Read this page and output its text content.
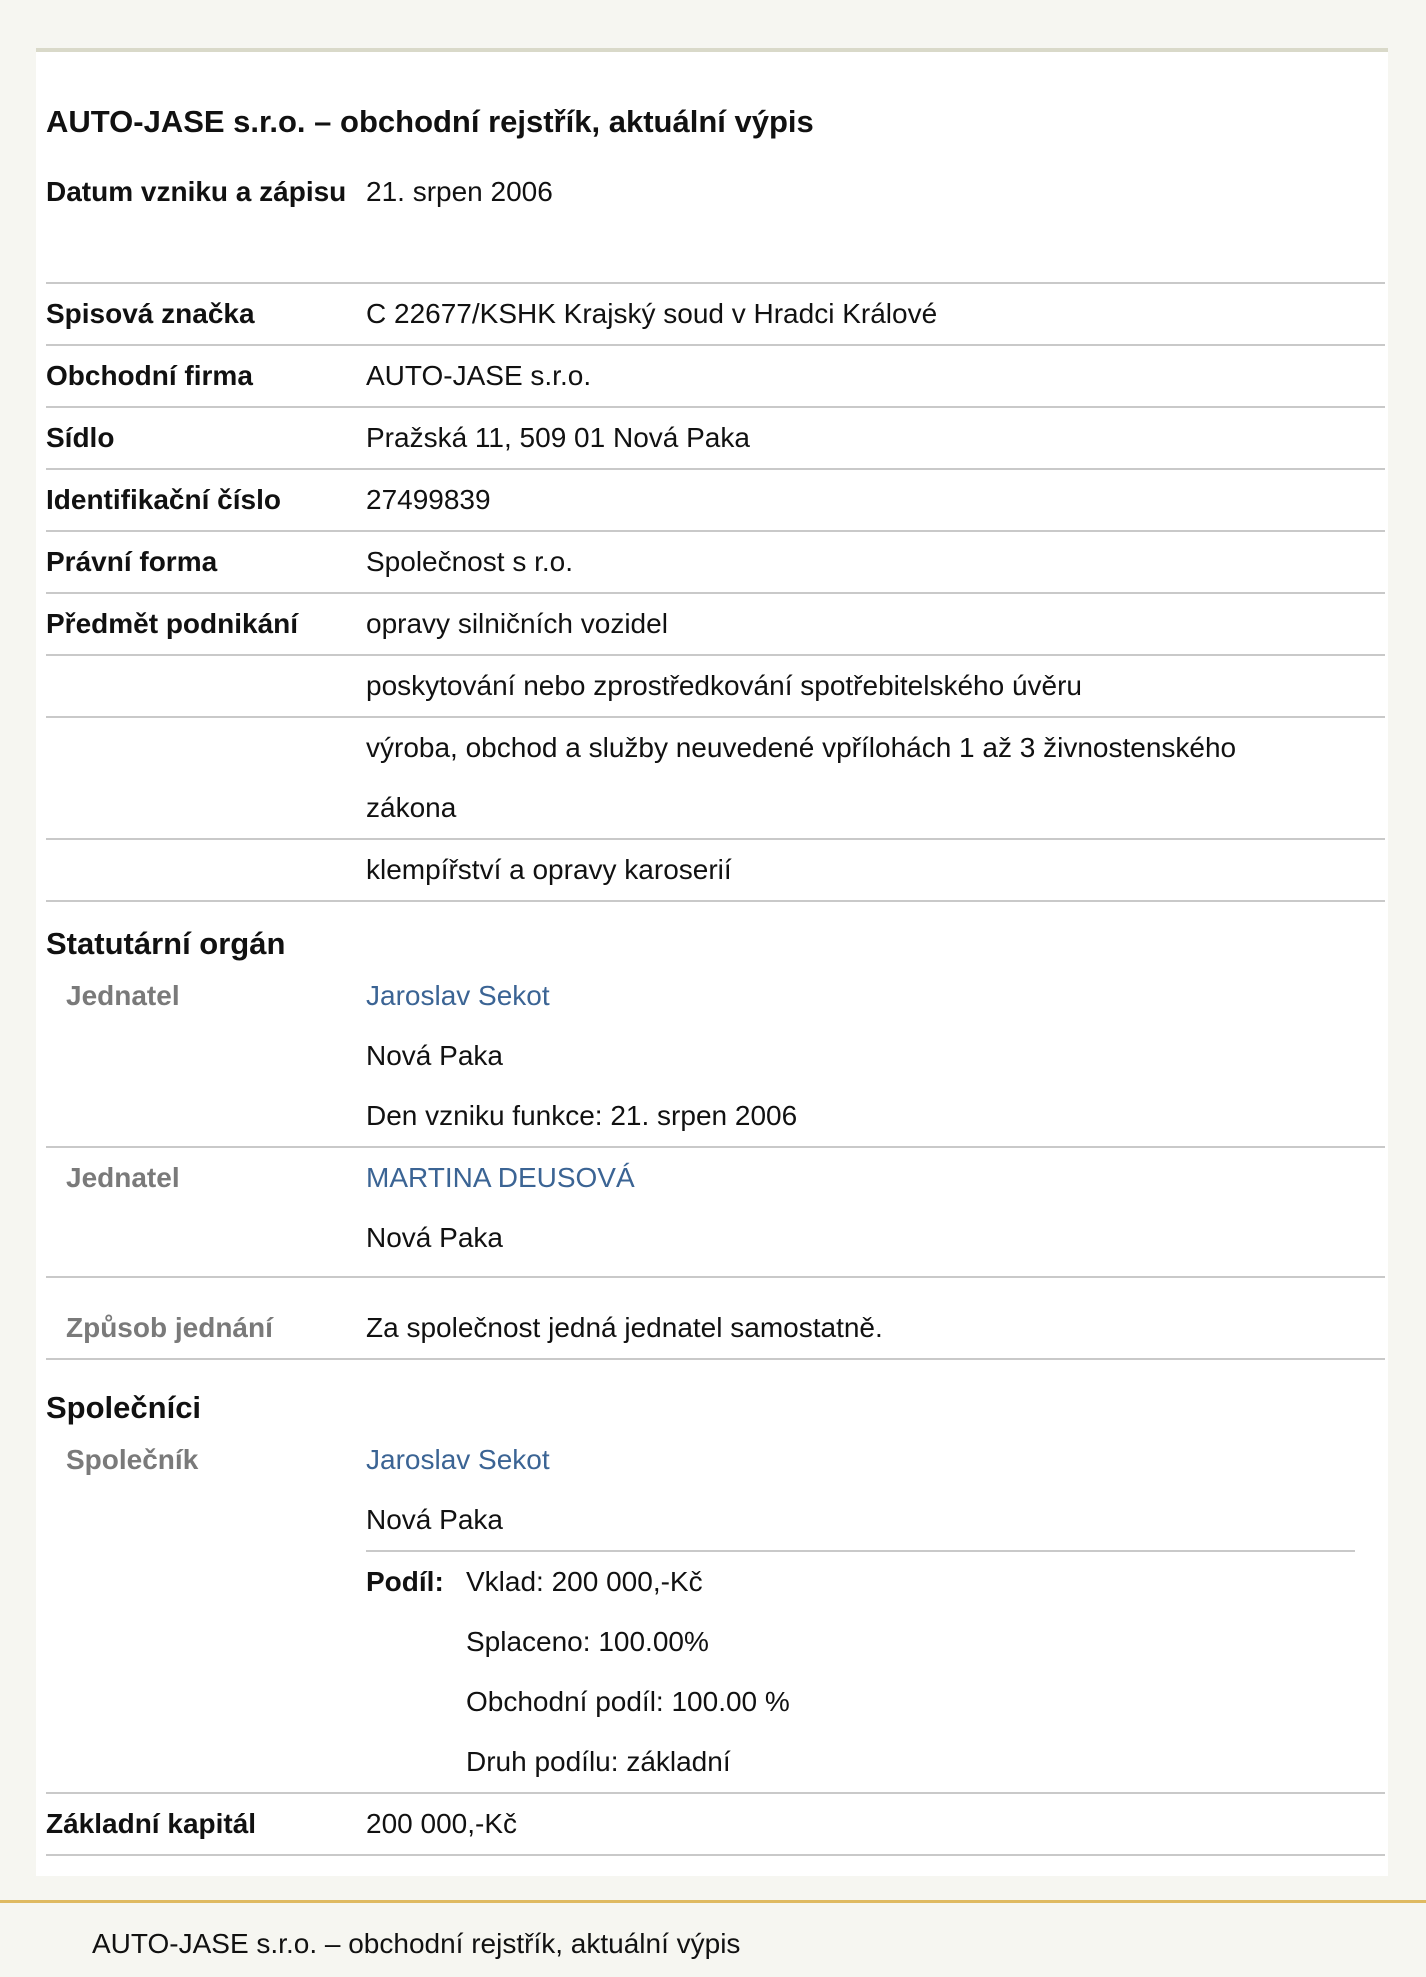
AUTO-JASE s.r.o. – obchodní rejstřík, aktuální výpis
Datum vzniku a zápisu 21. srpen 2006
Spisová značka	C 22677/KSHK Krajský soud v Hradci Králové
Obchodní firma	AUTO-JASE s.r.o.
Sídlo	Pražská 11, 509 01 Nová Paka
Identifikační číslo	27499839
Právní forma	Společnost s r.o.
Předmět podnikání	opravy silničních vozidel
poskytování nebo zprostředkování spotřebitelského úvěru
výroba, obchod a služby neuvedené vpřílohách 1 až 3 živnostenského zákona
klempířství a opravy karoserií
Statutární orgán
Jednatel	Jaroslav Sekot
Nová Paka
Den vzniku funkce: 21. srpen 2006
Jednatel	MARTINA DEUSOVÁ
Nová Paka
Způsob jednání	Za společnost jedná jednatel samostatně.
Společníci
Společník	Jaroslav Sekot
Nová Paka
Podíl: Vklad: 200 000,-Kč
Splaceno: 100.00%
Obchodní podíl: 100.00 %
Druh podílu: základní
Základní kapitál	200 000,-Kč
AUTO-JASE s.r.o. – obchodní rejstřík, aktuální výpis
